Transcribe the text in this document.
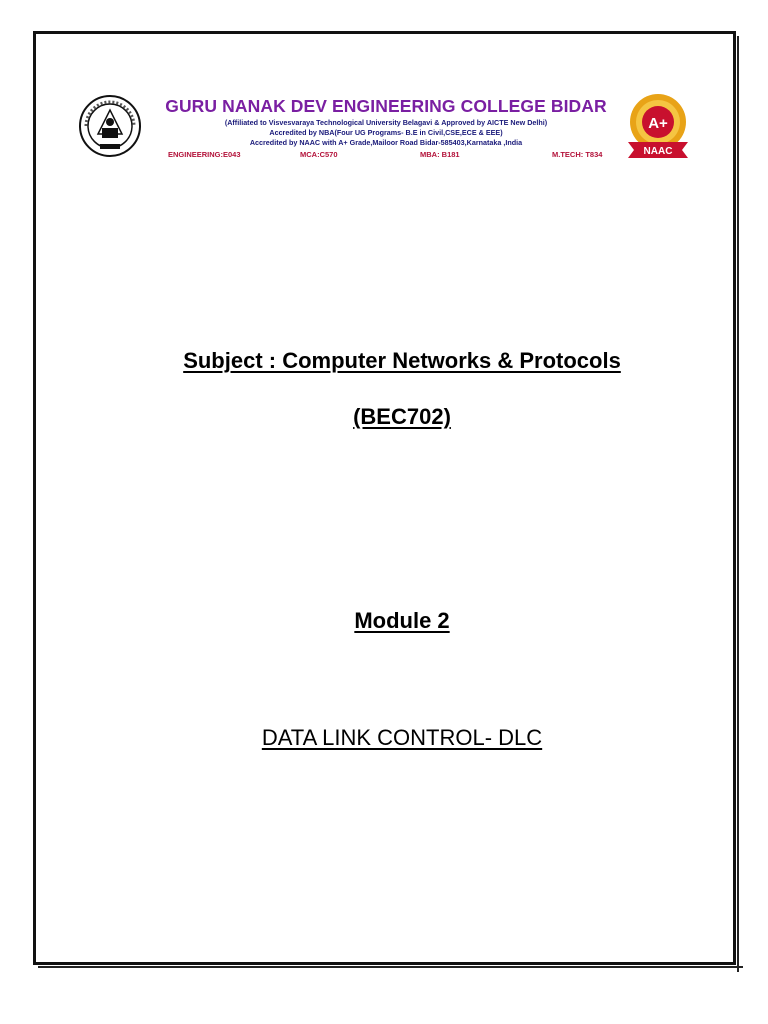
GURU NANAK DEV ENGINEERING COLLEGE BIDAR
(Affiliated to Visvesvaraya Technological University Belagavi & Approved by AICTE New Delhi)
Accredited by NBA(Four UG Programs- B.E in Civil,CSE,ECE & EEE)
Accredited by NAAC with A+ Grade,Mailoor Road Bidar-585403,Karnataka ,India
ENGINEERING:E043	MCA:C570	MBA: B181	M.TECH: T834
A+
NAAC
Subject : Computer Networks & Protocols
(BEC702)
Module 2
DATA LINK CONTROL- DLC
